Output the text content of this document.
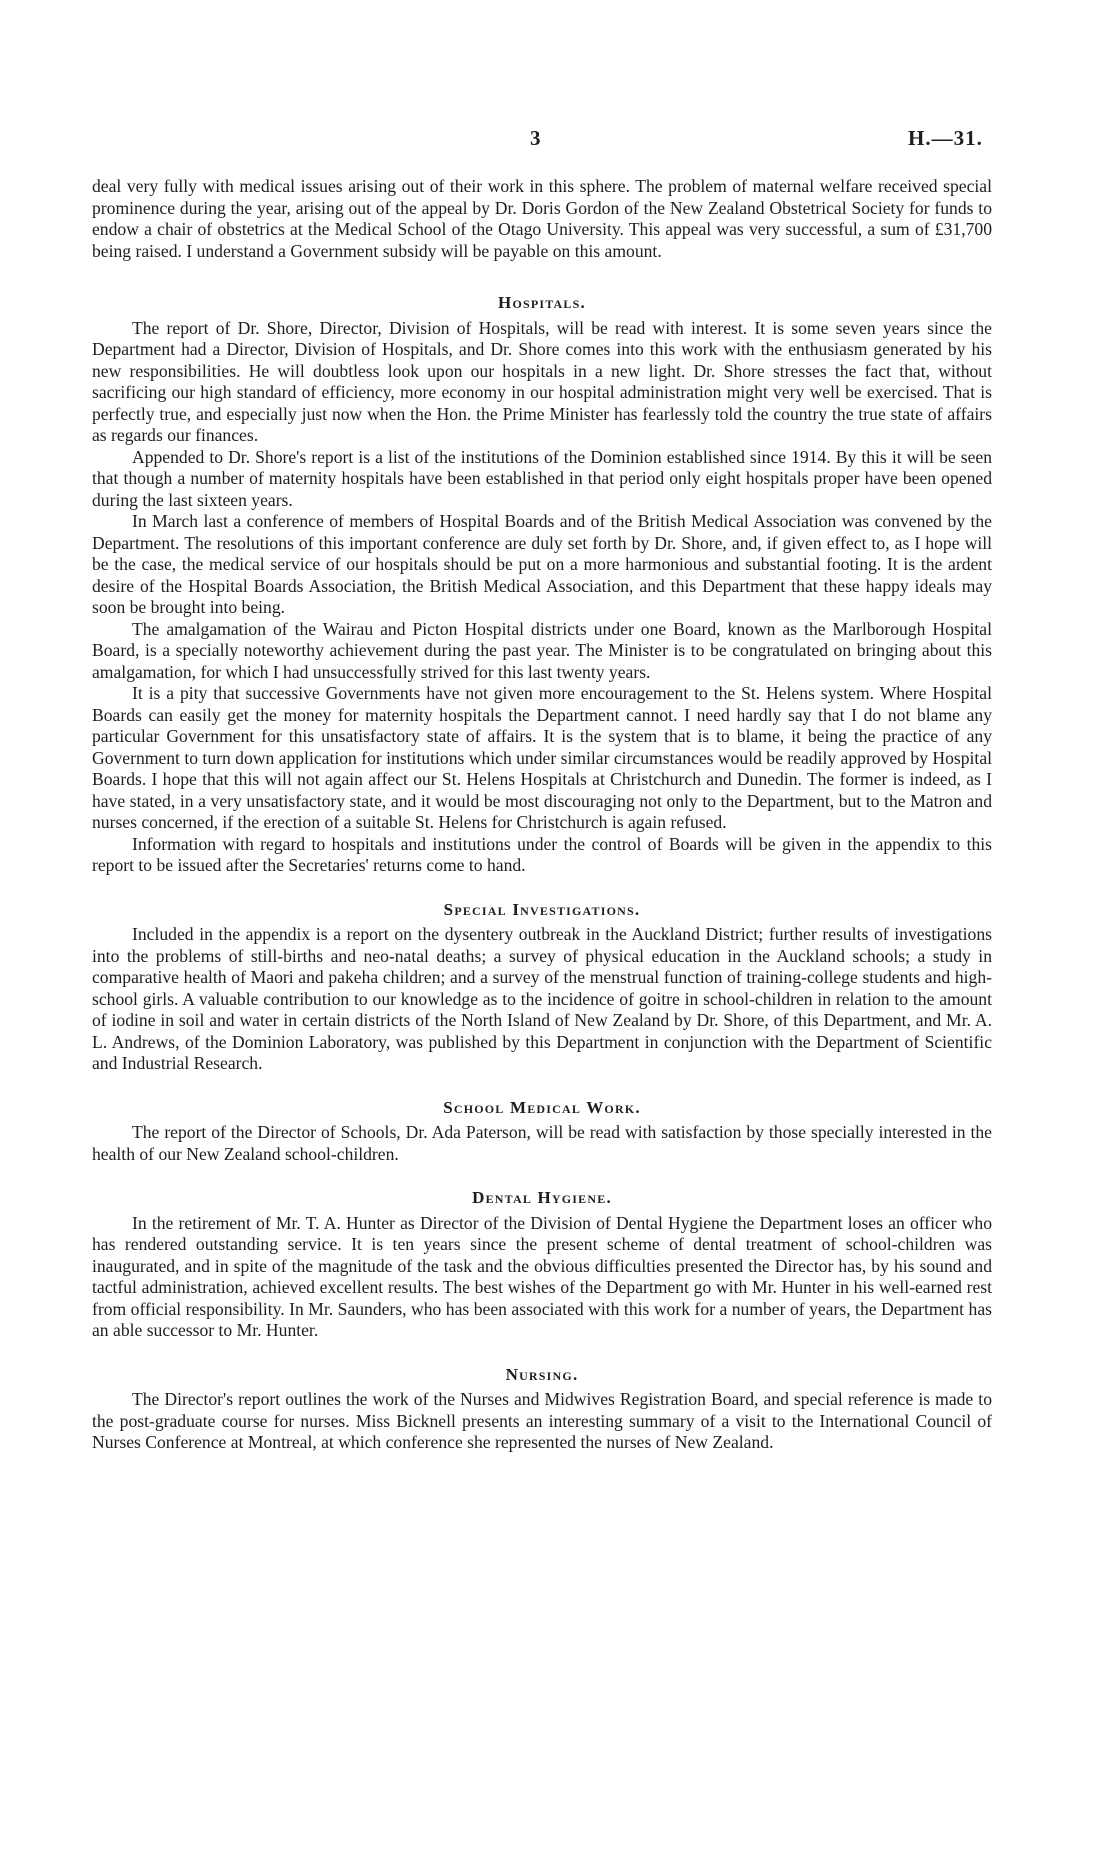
3	H.—31.

deal very fully with medical issues arising out of their work in this sphere. The problem of maternal welfare received special prominence during the year, arising out of the appeal by Dr. Doris Gordon of the New Zealand Obstetrical Society for funds to endow a chair of obstetrics at the Medical School of the Otago University. This appeal was very successful, a sum of £31,700 being raised. I understand a Government subsidy will be payable on this amount.

Hospitals.

The report of Dr. Shore, Director, Division of Hospitals, will be read with interest. It is some seven years since the Department had a Director, Division of Hospitals, and Dr. Shore comes into this work with the enthusiasm generated by his new responsibilities. He will doubtless look upon our hospitals in a new light. Dr. Shore stresses the fact that, without sacrificing our high standard of efficiency, more economy in our hospital administration might very well be exercised. That is perfectly true, and especially just now when the Hon. the Prime Minister has fearlessly told the country the true state of affairs as regards our finances.

Appended to Dr. Shore's report is a list of the institutions of the Dominion established since 1914. By this it will be seen that though a number of maternity hospitals have been established in that period only eight hospitals proper have been opened during the last sixteen years.

In March last a conference of members of Hospital Boards and of the British Medical Association was convened by the Department. The resolutions of this important conference are duly set forth by Dr. Shore, and, if given effect to, as I hope will be the case, the medical service of our hospitals should be put on a more harmonious and substantial footing. It is the ardent desire of the Hospital Boards Association, the British Medical Association, and this Department that these happy ideals may soon be brought into being.

The amalgamation of the Wairau and Picton Hospital districts under one Board, known as the Marlborough Hospital Board, is a specially noteworthy achievement during the past year. The Minister is to be congratulated on bringing about this amalgamation, for which I had unsuccessfully strived for this last twenty years.

It is a pity that successive Governments have not given more encouragement to the St. Helens system. Where Hospital Boards can easily get the money for maternity hospitals the Department cannot. I need hardly say that I do not blame any particular Government for this unsatisfactory state of affairs. It is the system that is to blame, it being the practice of any Government to turn down application for institutions which under similar circumstances would be readily approved by Hospital Boards. I hope that this will not again affect our St. Helens Hospitals at Christchurch and Dunedin. The former is indeed, as I have stated, in a very unsatisfactory state, and it would be most discouraging not only to the Department, but to the Matron and nurses concerned, if the erection of a suitable St. Helens for Christchurch is again refused.

Information with regard to hospitals and institutions under the control of Boards will be given in the appendix to this report to be issued after the Secretaries' returns come to hand.

Special Investigations.

Included in the appendix is a report on the dysentery outbreak in the Auckland District; further results of investigations into the problems of still-births and neo-natal deaths; a survey of physical education in the Auckland schools; a study in comparative health of Maori and pakeha children; and a survey of the menstrual function of training-college students and high-school girls. A valuable contribution to our knowledge as to the incidence of goitre in school-children in relation to the amount of iodine in soil and water in certain districts of the North Island of New Zealand by Dr. Shore, of this Department, and Mr. A. L. Andrews, of the Dominion Laboratory, was published by this Department in conjunction with the Department of Scientific and Industrial Research.

School Medical Work.

The report of the Director of Schools, Dr. Ada Paterson, will be read with satisfaction by those specially interested in the health of our New Zealand school-children.

Dental Hygiene.

In the retirement of Mr. T. A. Hunter as Director of the Division of Dental Hygiene the Department loses an officer who has rendered outstanding service. It is ten years since the present scheme of dental treatment of school-children was inaugurated, and in spite of the magnitude of the task and the obvious difficulties presented the Director has, by his sound and tactful administration, achieved excellent results. The best wishes of the Department go with Mr. Hunter in his well-earned rest from official responsibility. In Mr. Saunders, who has been associated with this work for a number of years, the Department has an able successor to Mr. Hunter.

Nursing.

The Director's report outlines the work of the Nurses and Midwives Registration Board, and special reference is made to the post-graduate course for nurses. Miss Bicknell presents an interesting summary of a visit to the International Council of Nurses Conference at Montreal, at which conference she represented the nurses of New Zealand.
